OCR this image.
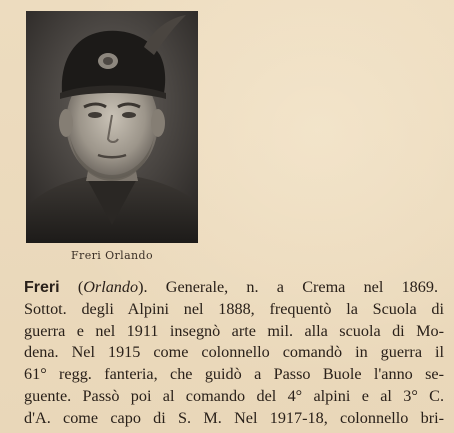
Freri Orlando
Freri (Orlando). Generale, n. a Crema nel 1869.
Sottot. degli Alpini nel 1888, frequentò la Scuola di
guerra e nel 1911 insegnò arte mil. alla scuola di Mo-
dena. Nel 1915 come colonnello comandò in guerra il
61° regg. fanteria, che guidò a Passo Buole l'anno se-
guente. Passò poi al comando del 4° alpini e al 3° C.
d'A. come capo di S. M. Nel 1917-18, colonnello bri-
